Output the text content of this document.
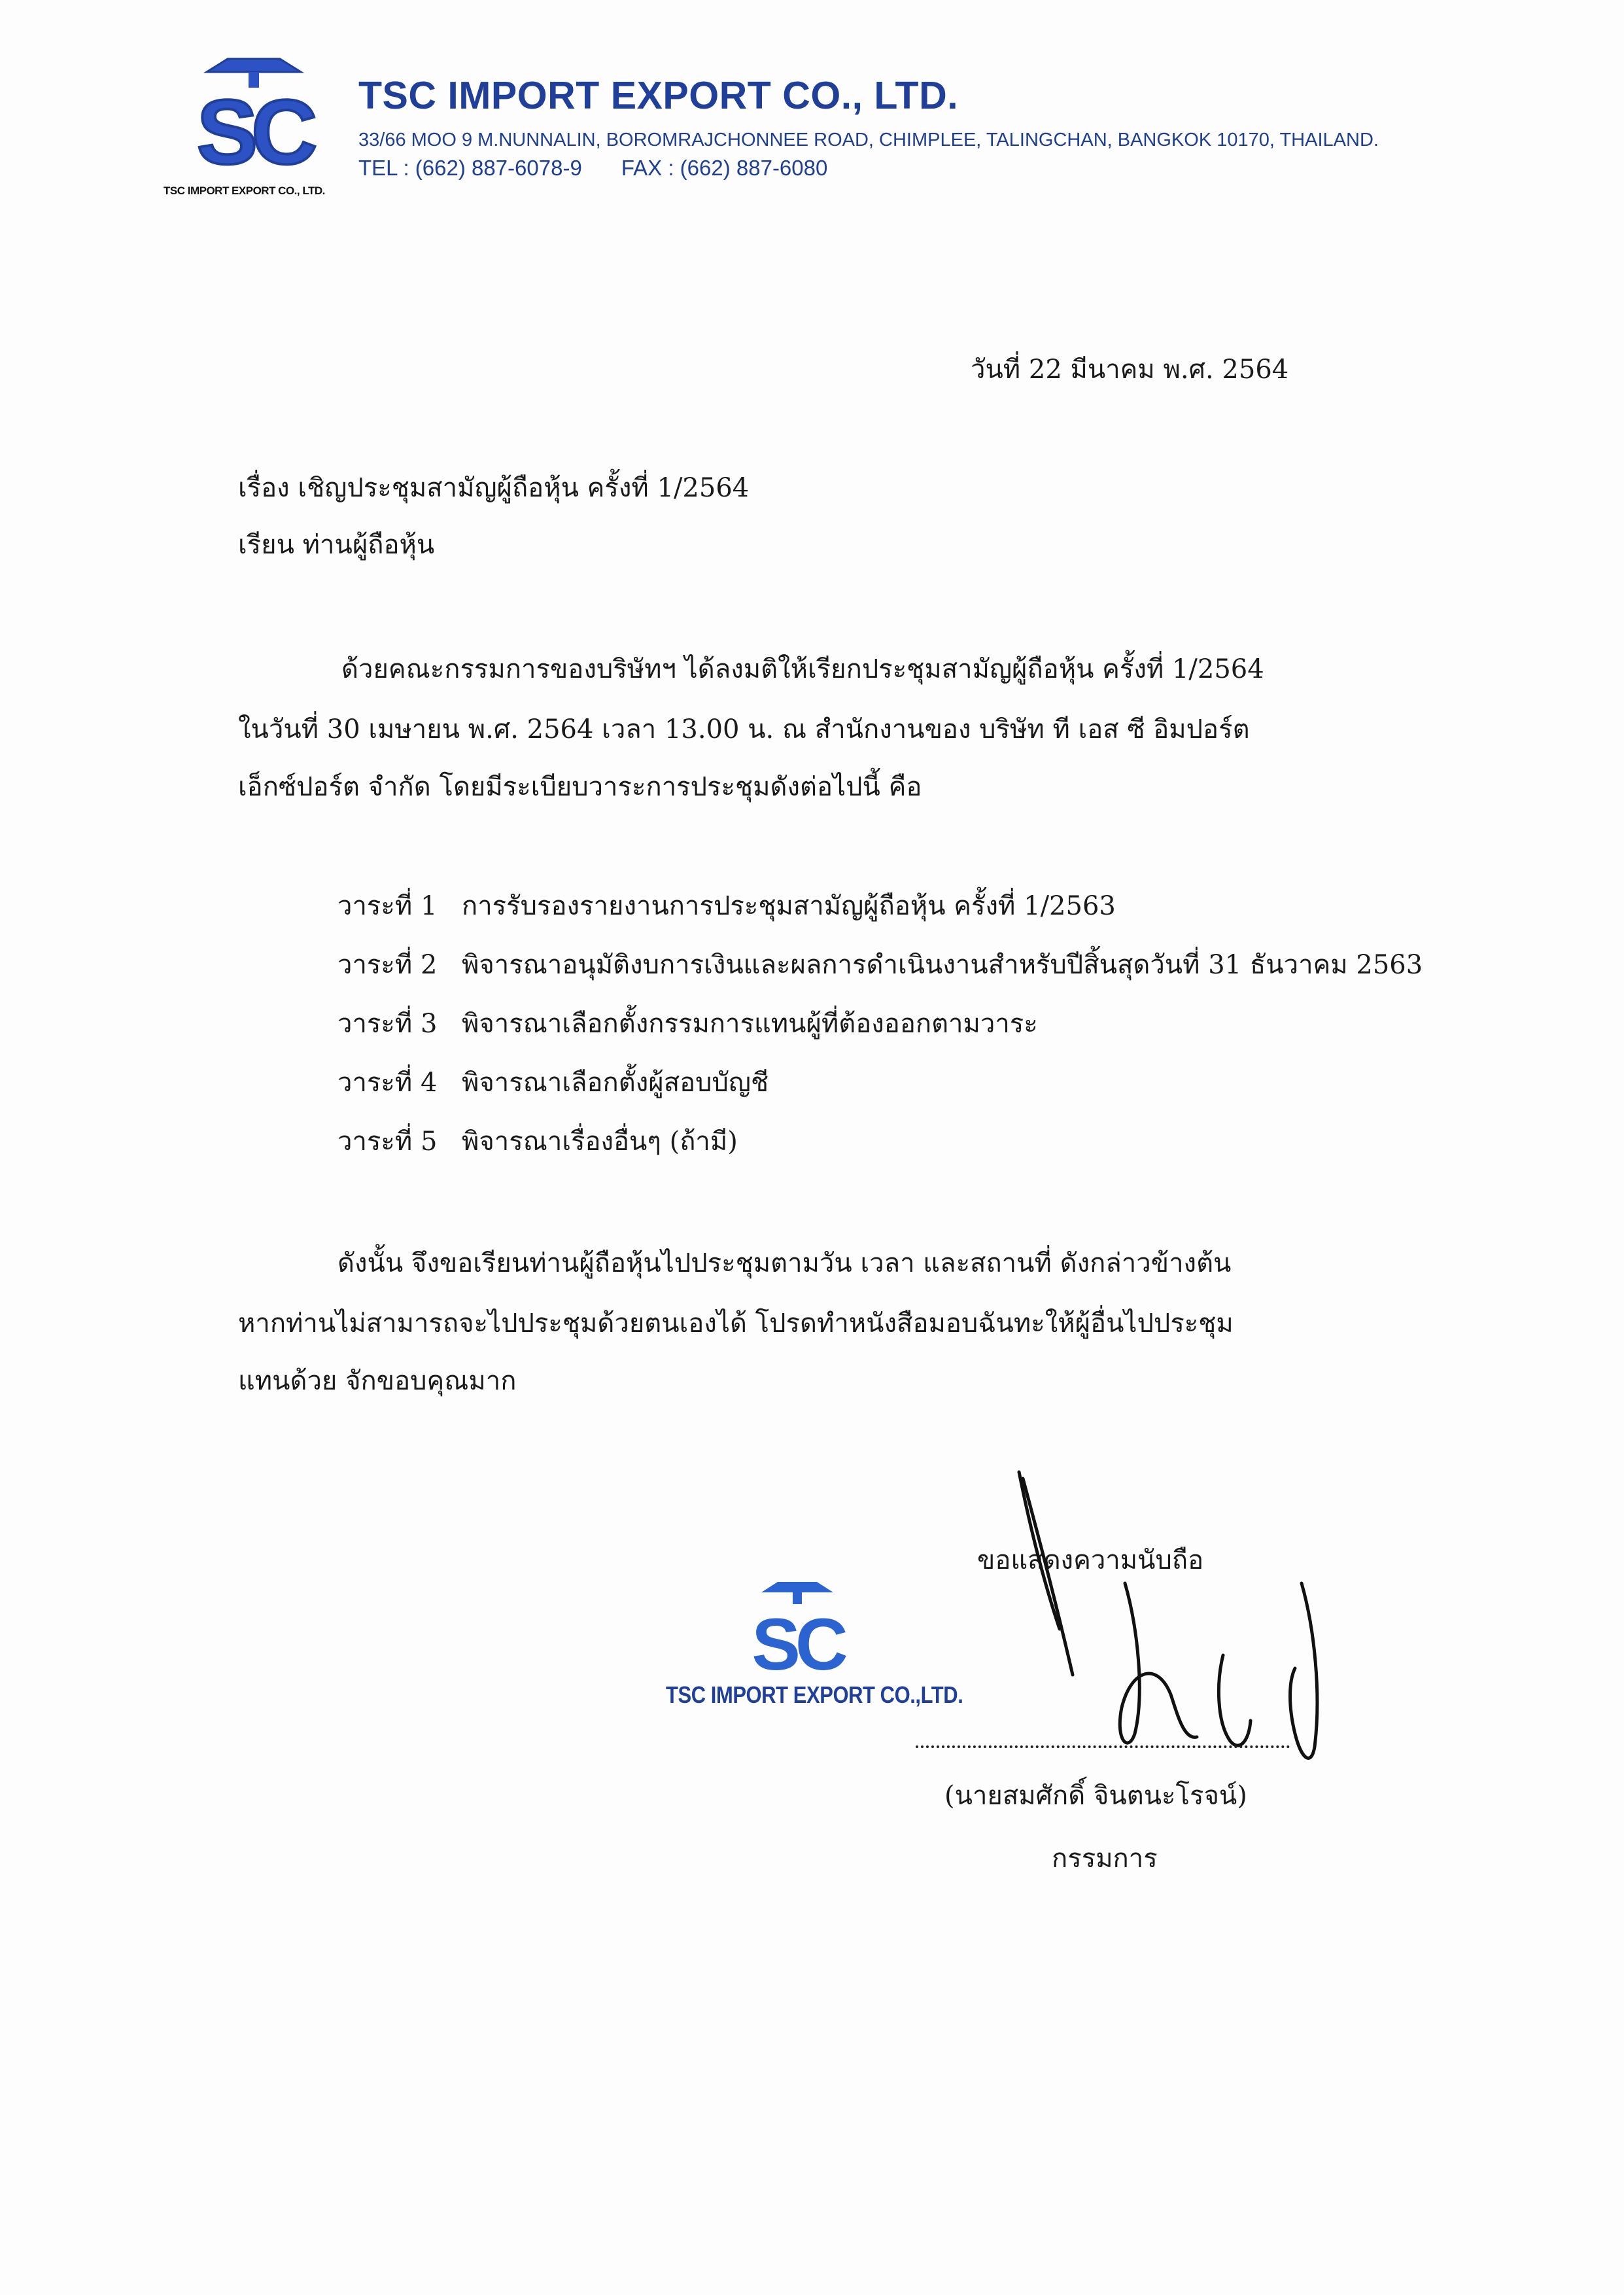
SC
TSC IMPORT EXPORT CO., LTD.
TSC IMPORT EXPORT CO., LTD.
33/66 MOO 9 M.NUNNALIN, BOROMRAJCHONNEE ROAD, CHIMPLEE, TALINGCHAN, BANGKOK 10170, THAILAND.
TEL : (662) 887-6078-9 FAX : (662) 887-6080
วันที่ 22 มีนาคม พ.ศ. 2564
เรื่อง เชิญประชุมสามัญผู้ถือหุ้น ครั้งที่ 1/2564
เรียน ท่านผู้ถือหุ้น
ด้วยคณะกรรมการของบริษัทฯ ได้ลงมติให้เรียกประชุมสามัญผู้ถือหุ้น ครั้งที่ 1/2564
ในวันที่ 30 เมษายน พ.ศ. 2564 เวลา 13.00 น. ณ สำนักงานของ บริษัท ที เอส ซี อิมปอร์ต
เอ็กซ์ปอร์ต จำกัด โดยมีระเบียบวาระการประชุมดังต่อไปนี้ คือ
วาระที่ 1 การรับรองรายงานการประชุมสามัญผู้ถือหุ้น ครั้งที่ 1/2563
วาระที่ 2 พิจารณาอนุมัติงบการเงินและผลการดำเนินงานสำหรับปีสิ้นสุดวันที่ 31 ธันวาคม 2563
วาระที่ 3 พิจารณาเลือกตั้งกรรมการแทนผู้ที่ต้องออกตามวาระ
วาระที่ 4 พิจารณาเลือกตั้งผู้สอบบัญชี
วาระที่ 5 พิจารณาเรื่องอื่นๆ (ถ้ามี)
ดังนั้น จึงขอเรียนท่านผู้ถือหุ้นไปประชุมตามวัน เวลา และสถานที่ ดังกล่าวข้างต้น
หากท่านไม่สามารถจะไปประชุมด้วยตนเองได้ โปรดทำหนังสือมอบฉันทะให้ผู้อื่นไปประชุม
แทนด้วย จักขอบคุณมาก
ขอแสดงความนับถือ
SC
TSC IMPORT EXPORT CO.,LTD.
(นายสมศักดิ์ จินตนะโรจน์)
กรรมการ
